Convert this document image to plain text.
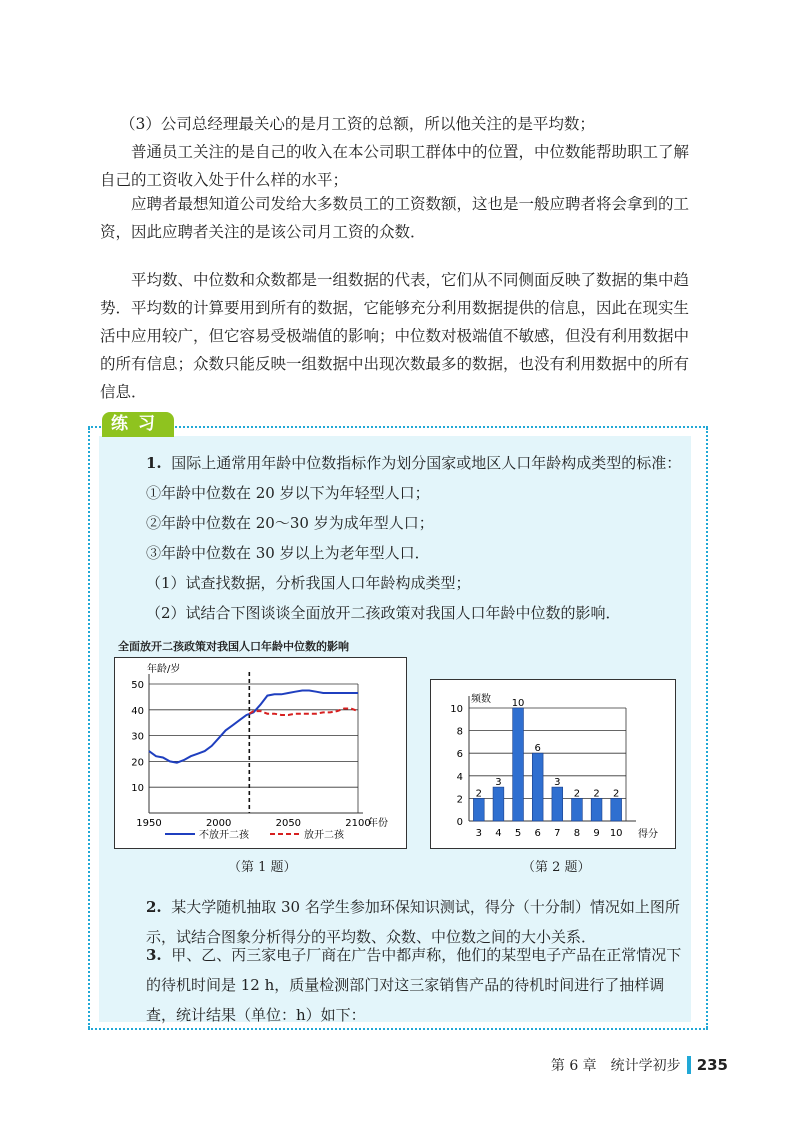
（3）公司总经理最关心的是月工资的总额，所以他关注的是平均数；
普通员工关注的是自己的收入在本公司职工群体中的位置，中位数能帮助职工了解自己的工资收入处于什么样的水平；
应聘者最想知道公司发给大多数员工的工资数额，这也是一般应聘者将会拿到的工资，因此应聘者关注的是该公司月工资的众数．
平均数、中位数和众数都是一组数据的代表，它们从不同侧面反映了数据的集中趋势．平均数的计算要用到所有的数据，它能够充分利用数据提供的信息，因此在现实生活中应用较广，但它容易受极端值的影响；中位数对极端值不敏感，但没有利用数据中的所有信息；众数只能反映一组数据中出现次数最多的数据，也没有利用数据中的所有信息．
练习
1. 国际上通常用年龄中位数指标作为划分国家或地区人口年龄构成类型的标准：
①年龄中位数在 20 岁以下为年轻型人口；
②年龄中位数在 20～30 岁为成年型人口；
③年龄中位数在 30 岁以上为老年型人口．
（1）试查找数据，分析我国人口年龄构成类型；
（2）试结合下图谈谈全面放开二孩政策对我国人口年龄中位数的影响．
全面放开二孩政策对我国人口年龄中位数的影响
10
20
30
40
50
1950	2000	2050	2100
年龄/岁
年份
不放开二孩	放开二孩
0
2
4
6
8
10
频数
得分
2
3
3
4
10
5
6
6
3
7
2
8
2
9
2
10
（第 1 题）	（第 2 题）
2. 某大学随机抽取 30 名学生参加环保知识测试，得分（十分制）情况如上图所示，试结合图象分析得分的平均数、众数、中位数之间的大小关系．
3. 甲、乙、丙三家电子厂商在广告中都声称，他们的某型电子产品在正常情况下的待机时间是 12 h，质量检测部门对这三家销售产品的待机时间进行了抽样调查，统计结果（单位：h）如下：
第 6 章　统计学初步 235
